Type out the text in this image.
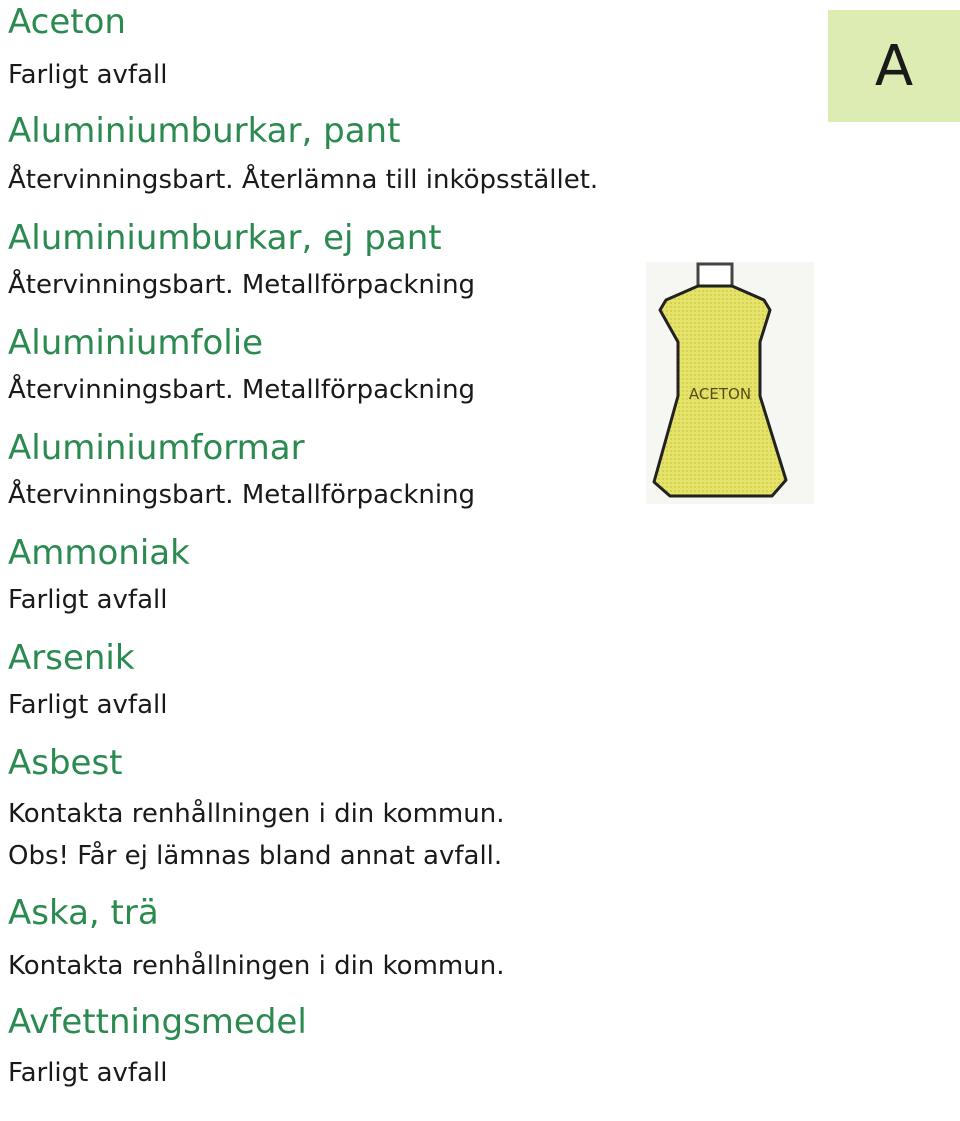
Aceton
Farligt avfall
Aluminiumburkar, pant
Återvinningsbart. Återlämna till inköpsstället.
Aluminiumburkar, ej pant
Återvinningsbart. Metallförpackning
Aluminiumfolie
Återvinningsbart. Metallförpackning
Aluminiumformar
Återvinningsbart. Metallförpackning
Ammoniak
Farligt avfall
Arsenik
Farligt avfall
Asbest
Kontakta renhållningen i din kommun.
Obs! Får ej lämnas bland annat avfall.
Aska, trä
Kontakta renhållningen i din kommun.
Avfettningsmedel
Farligt avfall
A
ACETON
